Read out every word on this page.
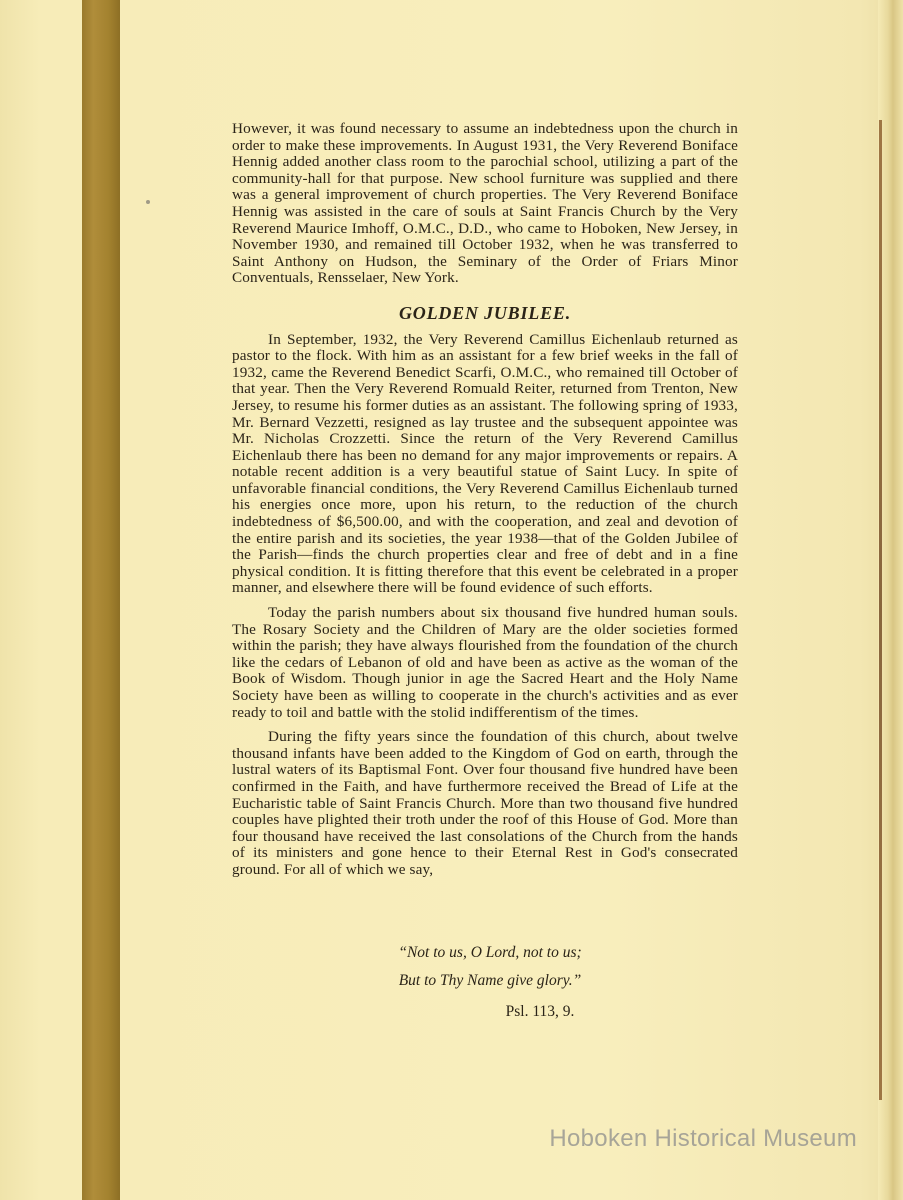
However, it was found necessary to assume an indebtedness upon the church in order to make these improvements. In August 1931, the Very Reverend Boniface Hennig added another class room to the parochial school, utilizing a part of the community-hall for that purpose. New school furniture was supplied and there was a general improvement of church properties. The Very Reverend Boniface Hennig was assisted in the care of souls at Saint Francis Church by the Very Reverend Maurice Imhoff, O.M.C., D.D., who came to Hoboken, New Jersey, in November 1930, and remained till October 1932, when he was transferred to Saint Anthony on Hudson, the Seminary of the Order of Friars Minor Conventuals, Rensselaer, New York.

GOLDEN JUBILEE.

In September, 1932, the Very Reverend Camillus Eichenlaub returned as pastor to the flock. With him as an assistant for a few brief weeks in the fall of 1932, came the Reverend Benedict Scarfi, O.M.C., who remained till October of that year. Then the Very Reverend Romuald Reiter, returned from Trenton, New Jersey, to resume his former duties as an assistant. The following spring of 1933, Mr. Bernard Vezzetti, resigned as lay trustee and the subsequent appointee was Mr. Nicholas Crozzetti. Since the return of the Very Reverend Camillus Eichenlaub there has been no demand for any major improvements or repairs. A notable recent addition is a very beautiful statue of Saint Lucy. In spite of unfavorable financial conditions, the Very Reverend Camillus Eichenlaub turned his energies once more, upon his return, to the reduction of the church indebtedness of $6,500.00, and with the cooperation, and zeal and devotion of the entire parish and its societies, the year 1938—that of the Golden Jubilee of the Parish—finds the church properties clear and free of debt and in a fine physical condition. It is fitting therefore that this event be celebrated in a proper manner, and elsewhere there will be found evidence of such efforts.

Today the parish numbers about six thousand five hundred human souls. The Rosary Society and the Children of Mary are the older societies formed within the parish; they have always flourished from the foundation of the church like the cedars of Lebanon of old and have been as active as the woman of the Book of Wisdom. Though junior in age the Sacred Heart and the Holy Name Society have been as willing to cooperate in the church's activities and as ever ready to toil and battle with the stolid indifferentism of the times.

During the fifty years since the foundation of this church, about twelve thousand infants have been added to the Kingdom of God on earth, through the lustral waters of its Baptismal Font. Over four thousand five hundred have been confirmed in the Faith, and have furthermore received the Bread of Life at the Eucharistic table of Saint Francis Church. More than two thousand five hundred couples have plighted their troth under the roof of this House of God. More than four thousand have received the last consolations of the Church from the hands of its ministers and gone hence to their Eternal Rest in God's consecrated ground. For all of which we say,

“Not to us, O Lord, not to us;
But to Thy Name give glory.”
Psl. 113, 9.
Hoboken Historical Museum
